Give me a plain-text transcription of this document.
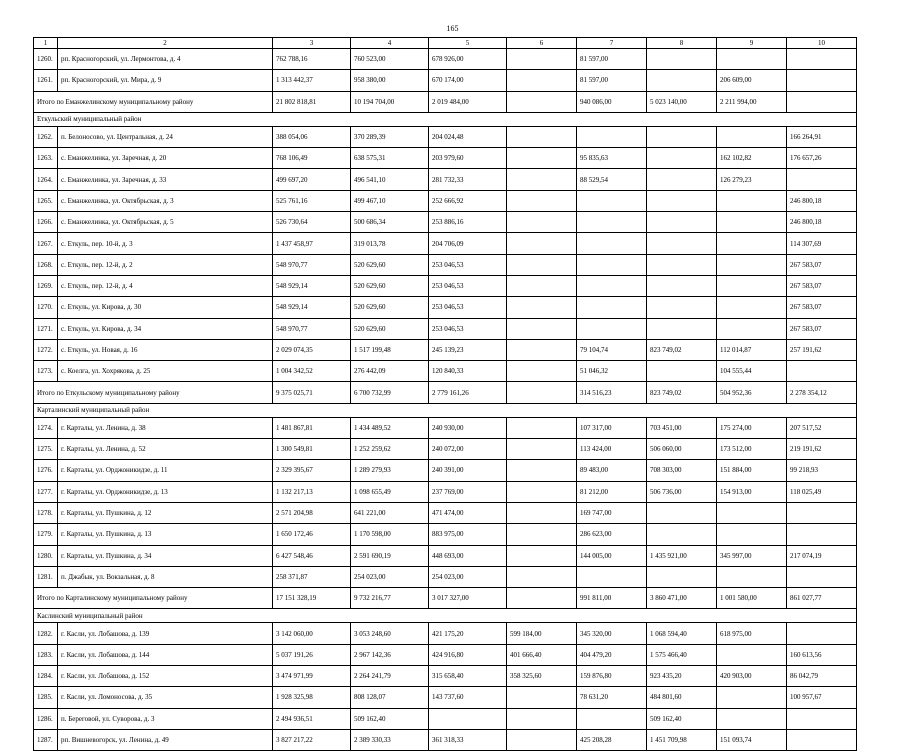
165
1	2	3	4	5	6	7	8	9	10
1260.	рп. Красногорский, ул. Лермонтова, д. 4	762 788,16	760 523,00	678 926,00		81 597,00			
1261.	рп. Красногорский, ул. Мира, д. 9	1 313 442,37	958 380,00	670 174,00		81 597,00		206 609,00	
Итого по Еманжелинскому муниципальному району		21 802 818,81	10 194 704,00	2 019 484,00		940 086,00	5 023 140,00	2 211 994,00	
Еткульский муниципальный район									
1262.	п. Белоносово, ул. Центральная, д. 24	388 054,06	370 289,39	204 024,48					166 264,91
1263.	с. Еманжелинка, ул. Заречная, д. 20	768 106,49	638 575,31	203 979,60		95 835,63		162 102,82	176 657,26
1264.	с. Еманжелинка, ул. Заречная, д. 33	499 697,20	496 541,10	281 732,33		88 529,54		126 279,23	
1265.	с. Еманжелинка, ул. Октябрьская, д. 3	525 761,16	499 467,10	252 666,92					246 800,18
1266.	с. Еманжелинка, ул. Октябрьская, д. 5	526 730,64	500 686,34	253 886,16					246 800,18
1267.	с. Еткуль, пер. 10-й, д. 3	1 437 458,97	319 013,78	204 706,09					114 307,69
1268.	с. Еткуль, пер. 12-й, д. 2	548 970,77	520 629,60	253 046,53					267 583,07
1269.	с. Еткуль, пер. 12-й, д. 4	548 929,14	520 629,60	253 046,53					267 583,07
1270.	с. Еткуль, ул. Кирова, д. 30	548 929,14	520 629,60	253 046,53					267 583,07
1271.	с. Еткуль, ул. Кирова, д. 34	548 970,77	520 629,60	253 046,53					267 583,07
1272.	с. Еткуль, ул. Новая, д. 16	2 029 074,35	1 517 199,48	245 139,23		79 104,74	823 749,02	112 014,87	257 191,62
1273.	с. Коелга, ул. Хохрякова, д. 25	1 004 342,52	276 442,09	120 840,33		51 046,32		104 555,44	
Итого по Еткульскому муниципальному району		9 375 025,71	6 700 732,99	2 779 161,26		314 516,23	823 749,02	504 952,36	2 278 354,12
Карталинский муниципальный район									
1274.	г. Карталы, ул. Ленина, д. 38	1 481 867,81	1 434 489,52	240 930,00		107 317,00	703 451,00	175 274,00	207 517,52
1275.	г. Карталы, ул. Ленина, д. 52	1 300 549,81	1 252 259,62	240 072,00		113 424,00	506 060,00	173 512,00	219 191,62
1276.	г. Карталы, ул. Орджоникидзе, д. 11	2 329 395,67	1 289 279,93	240 391,00		89 483,00	708 303,00	151 884,00	99 218,93
1277.	г. Карталы, ул. Орджоникидзе, д. 13	1 132 217,13	1 098 655,49	237 769,00		81 212,00	506 736,00	154 913,00	118 025,49
1278.	г. Карталы, ул. Пушкина, д. 12	2 571 204,98	641 221,00	471 474,00		169 747,00			
1279.	г. Карталы, ул. Пушкина, д. 13	1 650 172,46	1 170 598,00	883 975,00		286 623,00			
1280.	г. Карталы, ул. Пушкина, д. 34	6 427 548,46	2 591 690,19	448 693,00		144 005,00	1 435 921,00	345 997,00	217 074,19
1281.	п. Джабык, ул. Вокзальная, д. 8	258 371,87	254 023,00	254 023,00					
Итого по Карталинскому муниципальному району		17 151 328,19	9 732 216,77	3 017 327,00		991 811,00	3 860 471,00	1 001 580,00	861 027,77
Каслинский муниципальный район									
1282.	г. Касли, ул. Лобашова, д. 139	3 142 060,00	3 053 248,60	421 175,20	599 184,00	345 320,00	1 068 594,40	618 975,00	
1283.	г. Касли, ул. Лобашова, д. 144	5 037 191,26	2 967 142,36	424 916,80	401 666,40	404 479,20	1 575 466,40		160 613,56
1284.	г. Касли, ул. Лобашова, д. 152	3 474 971,99	2 264 241,79	315 658,40	358 325,60	159 876,80	923 435,20	420 903,00	86 042,79
1285.	г. Касли, ул. Ломоносова, д. 35	1 928 325,98	808 128,07	143 737,60		78 631,20	484 801,60		100 957,67
1286.	п. Береговой, ул. Суворова, д. 3	2 494 936,51	509 162,40				509 162,40		
1287.	рп. Вишневогорск, ул. Ленина, д. 49	3 827 217,22	2 389 330,33	361 318,33		425 208,28	1 451 709,98	151 093,74	
